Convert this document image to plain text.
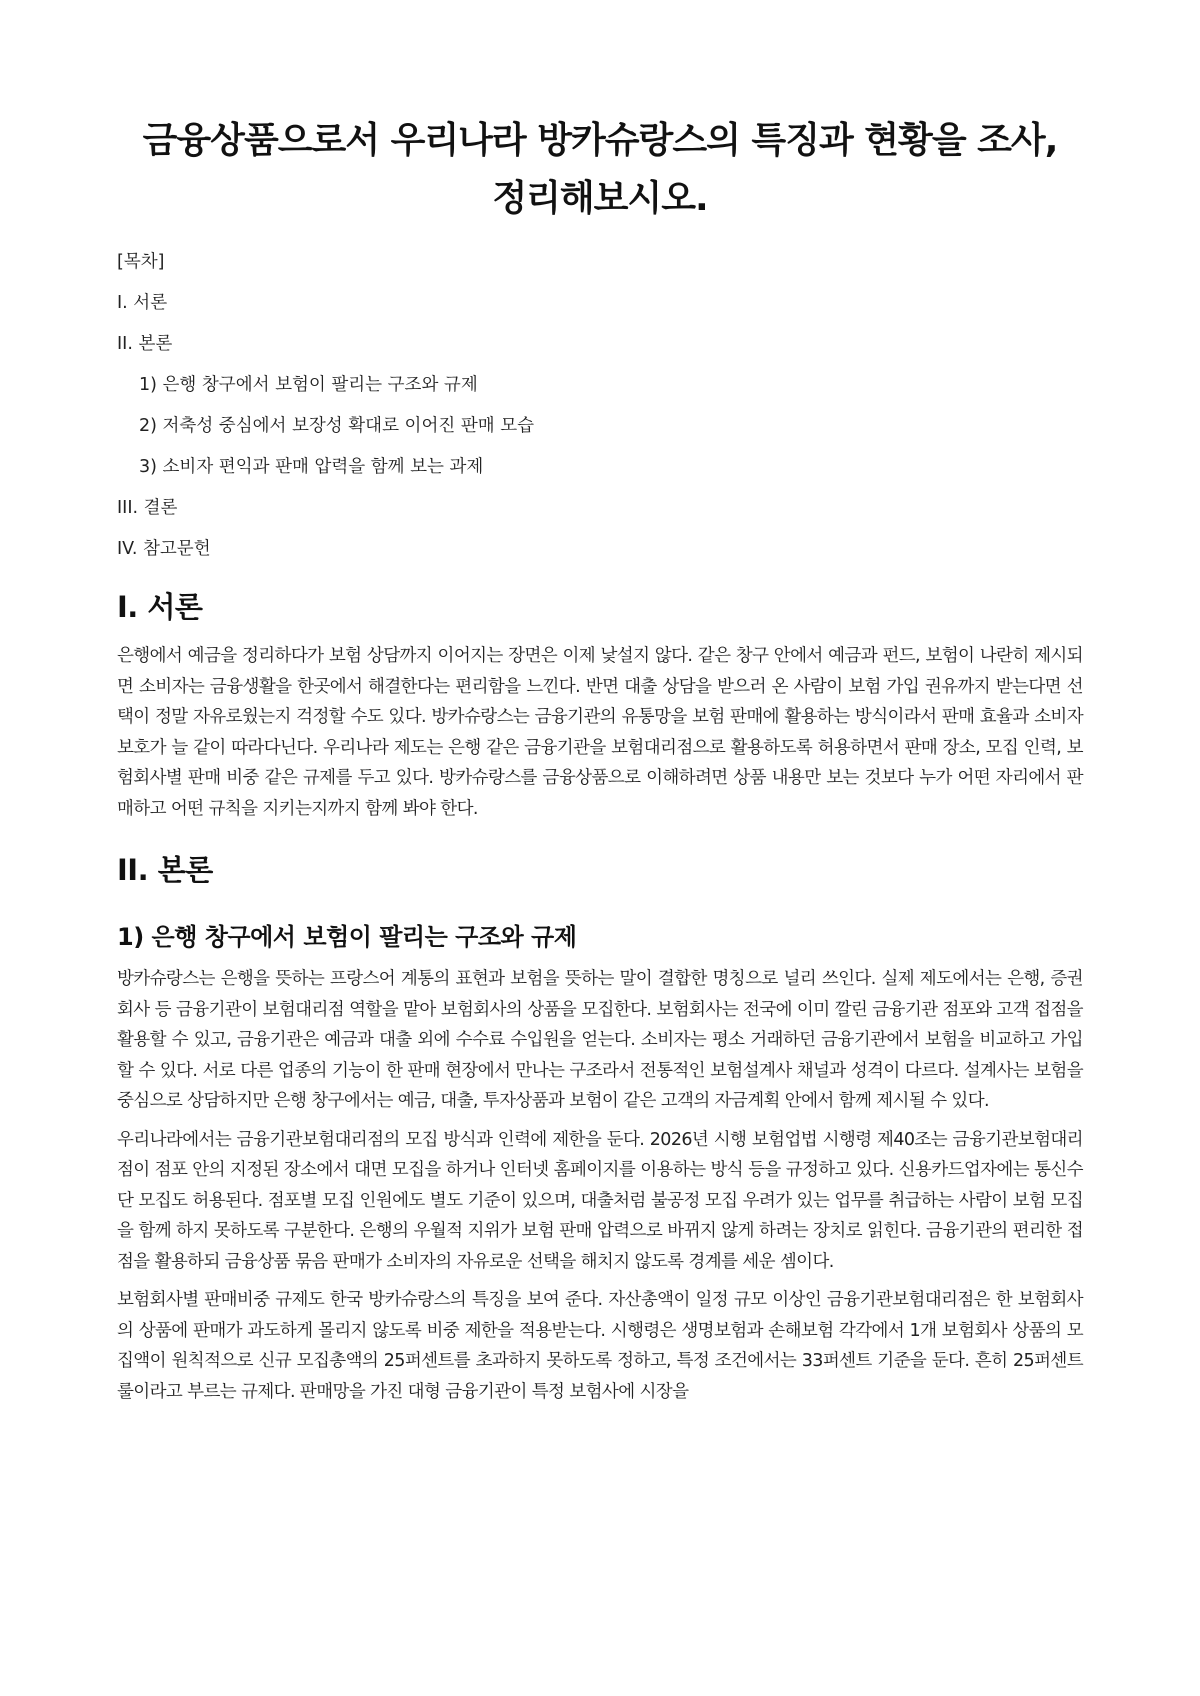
금융상품으로서 우리나라 방카슈랑스의 특징과 현황을 조사,
정리해보시오.
[목차]
I. 서론
II. 본론
1) 은행 창구에서 보험이 팔리는 구조와 규제
2) 저축성 중심에서 보장성 확대로 이어진 판매 모습
3) 소비자 편익과 판매 압력을 함께 보는 과제
III. 결론
IV. 참고문헌
I. 서론

은행에서 예금을 정리하다가 보험 상담까지 이어지는 장면은 이제 낯설지 않다. 같은 창구 안에서 예금과 펀드, 보험이 나란히 제시되면 소비자는 금융생활을 한곳에서 해결한다는 편리함을 느낀다. 반면 대출 상담을 받으러 온 사람이 보험 가입 권유까지 받는다면 선택이 정말 자유로웠는지 걱정할 수도 있다. 방카슈랑스는 금융기관의 유통망을 보험 판매에 활용하는 방식이라서 판매 효율과 소비자 보호가 늘 같이 따라다닌다. 우리나라 제도는 은행 같은 금융기관을 보험대리점으로 활용하도록 허용하면서 판매 장소, 모집 인력, 보험회사별 판매 비중 같은 규제를 두고 있다. 방카슈랑스를 금융상품으로 이해하려면 상품 내용만 보는 것보다 누가 어떤 자리에서 판매하고 어떤 규칙을 지키는지까지 함께 봐야 한다.

II. 본론
1) 은행 창구에서 보험이 팔리는 구조와 규제

방카슈랑스는 은행을 뜻하는 프랑스어 계통의 표현과 보험을 뜻하는 말이 결합한 명칭으로 널리 쓰인다. 실제 제도에서는 은행, 증권회사 등 금융기관이 보험대리점 역할을 맡아 보험회사의 상품을 모집한다. 보험회사는 전국에 이미 깔린 금융기관 점포와 고객 접점을 활용할 수 있고, 금융기관은 예금과 대출 외에 수수료 수입원을 얻는다. 소비자는 평소 거래하던 금융기관에서 보험을 비교하고 가입할 수 있다. 서로 다른 업종의 기능이 한 판매 현장에서 만나는 구조라서 전통적인 보험설계사 채널과 성격이 다르다. 설계사는 보험을 중심으로 상담하지만 은행 창구에서는 예금, 대출, 투자상품과 보험이 같은 고객의 자금계획 안에서 함께 제시될 수 있다.

우리나라에서는 금융기관보험대리점의 모집 방식과 인력에 제한을 둔다. 2026년 시행 보험업법 시행령 제40조는 금융기관보험대리점이 점포 안의 지정된 장소에서 대면 모집을 하거나 인터넷 홈페이지를 이용하는 방식 등을 규정하고 있다. 신용카드업자에는 통신수단 모집도 허용된다. 점포별 모집 인원에도 별도 기준이 있으며, 대출처럼 불공정 모집 우려가 있는 업무를 취급하는 사람이 보험 모집을 함께 하지 못하도록 구분한다. 은행의 우월적 지위가 보험 판매 압력으로 바뀌지 않게 하려는 장치로 읽힌다. 금융기관의 편리한 접점을 활용하되 금융상품 묶음 판매가 소비자의 자유로운 선택을 해치지 않도록 경계를 세운 셈이다.

보험회사별 판매비중 규제도 한국 방카슈랑스의 특징을 보여 준다. 자산총액이 일정 규모 이상인 금융기관보험대리점은 한 보험회사의 상품에 판매가 과도하게 몰리지 않도록 비중 제한을 적용받는다. 시행령은 생명보험과 손해보험 각각에서 1개 보험회사 상품의 모집액이 원칙적으로 신규 모집총액의 25퍼센트를 초과하지 못하도록 정하고, 특정 조건에서는 33퍼센트 기준을 둔다. 흔히 25퍼센트 룰이라고 부르는 규제다. 판매망을 가진 대형 금융기관이 특정 보험사에 시장을
